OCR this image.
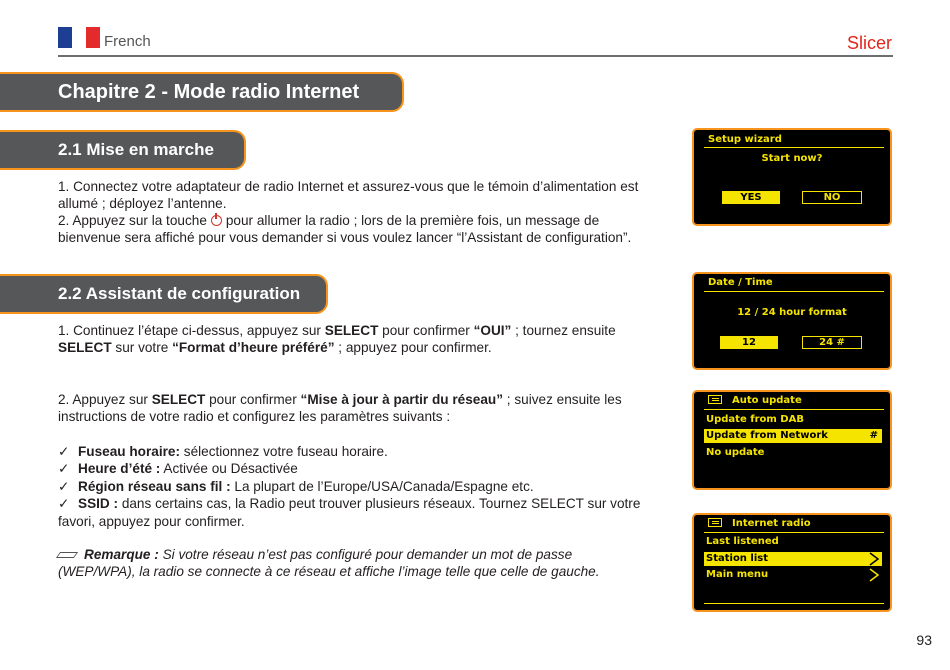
French	Slicer
Chapitre 2 - Mode radio Internet
2.1 Mise en marche
1. Connectez votre adaptateur de radio Internet et assurez-vous que le témoin d’alimentation est allumé ; déployez l’antenne.
2. Appuyez sur la touche pour allumer la radio ; lors de la première fois, un message de bienvenue sera affiché pour vous demander si vous voulez lancer “l’Assistant de configuration”.
2.2 Assistant de configuration
1. Continuez l’étape ci-dessus, appuyez sur SELECT pour confirmer “OUI” ; tournez ensuite SELECT sur votre “Format d’heure préféré” ; appuyez pour confirmer.
2. Appuyez sur SELECT pour confirmer “Mise à jour à partir du réseau” ; suivez ensuite les instructions de votre radio et configurez les paramètres suivants :
✓ Fuseau horaire: sélectionnez votre fuseau horaire.
✓ Heure d’été : Activée ou Désactivée
✓ Région réseau sans fil : La plupart de l’Europe/USA/Canada/Espagne etc.
✓ SSID : dans certains cas, la Radio peut trouver plusieurs réseaux. Tournez SELECT sur votre favori, appuyez pour confirmer.
Remarque : Si votre réseau n’est pas configuré pour demander un mot de passe (WEP/WPA), la radio se connecte à ce réseau et affiche l’image telle que celle de gauche.
Setup wizard
Start now?
YES	NO
Date / Time
12 / 24 hour format
12	24 #
Auto update
Update from DAB
Update from Network	#
No update
Internet radio
Last listened
Station list
Main menu
93
